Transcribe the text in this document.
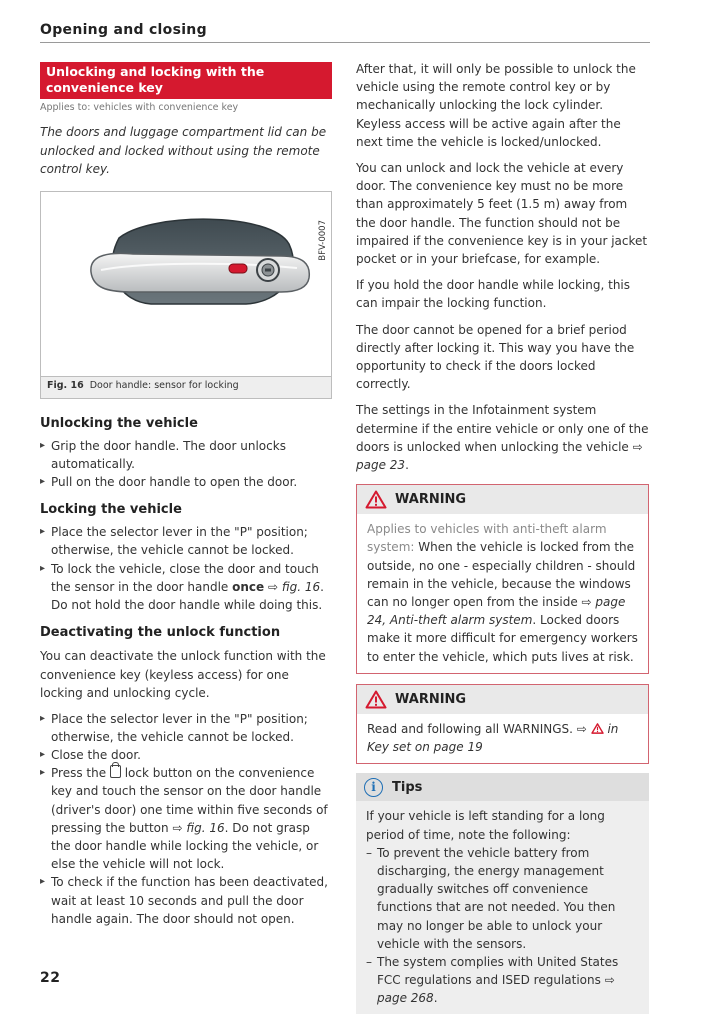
Opening and closing
Unlocking and locking with the convenience key
Applies to: vehicles with convenience key
The doors and luggage compartment lid can be unlocked and locked without using the remote control key.
BFV-0007
Fig. 16 Door handle: sensor for locking
Unlocking the vehicle
▸ Grip the door handle. The door unlocks automatically.
▸ Pull on the door handle to open the door.
Locking the vehicle
▸ Place the selector lever in the "P" position; otherwise, the vehicle cannot be locked.
▸ To lock the vehicle, close the door and touch the sensor in the door handle once ⇨ fig. 16. Do not hold the door handle while doing this.
Deactivating the unlock function
You can deactivate the unlock function with the convenience key (keyless access) for one locking and unlocking cycle.
▸ Place the selector lever in the "P" position; otherwise, the vehicle cannot be locked.
▸ Close the door.
▸ Press the  lock button on the convenience key and touch the sensor on the door handle (driver's door) one time within five seconds of pressing the button ⇨ fig. 16. Do not grasp the door handle while locking the vehicle, or else the vehicle will not lock.
▸ To check if the function has been deactivated, wait at least 10 seconds and pull the door handle again. The door should not open.
After that, it will only be possible to unlock the vehicle using the remote control key or by mechanically unlocking the lock cylinder. Keyless access will be active again after the next time the vehicle is locked/unlocked.
You can unlock and lock the vehicle at every door. The convenience key must no be more than approximately 5 feet (1.5 m) away from the door handle. The function should not be impaired if the convenience key is in your jacket pocket or in your briefcase, for example.
If you hold the door handle while locking, this can impair the locking function.
The door cannot be opened for a brief period directly after locking it. This way you have the opportunity to check if the doors locked correctly.
The settings in the Infotainment system determine if the entire vehicle or only one of the doors is unlocked when unlocking the vehicle ⇨ page 23.
WARNING
Applies to vehicles with anti-theft alarm system: When the vehicle is locked from the outside, no one - especially children - should remain in the vehicle, because the windows can no longer open from the inside ⇨ page 24, Anti-theft alarm system. Locked doors make it more difficult for emergency workers to enter the vehicle, which puts lives at risk.
WARNING
Read and following all WARNINGS. ⇨  in Key set on page 19
i	Tips
If your vehicle is left standing for a long period of time, note the following:
– To prevent the vehicle battery from discharging, the energy management gradually switches off convenience functions that are not needed. You then may no longer be able to unlock your vehicle with the sensors.
– The system complies with United States FCC regulations and ISED regulations ⇨ page 268.
22
